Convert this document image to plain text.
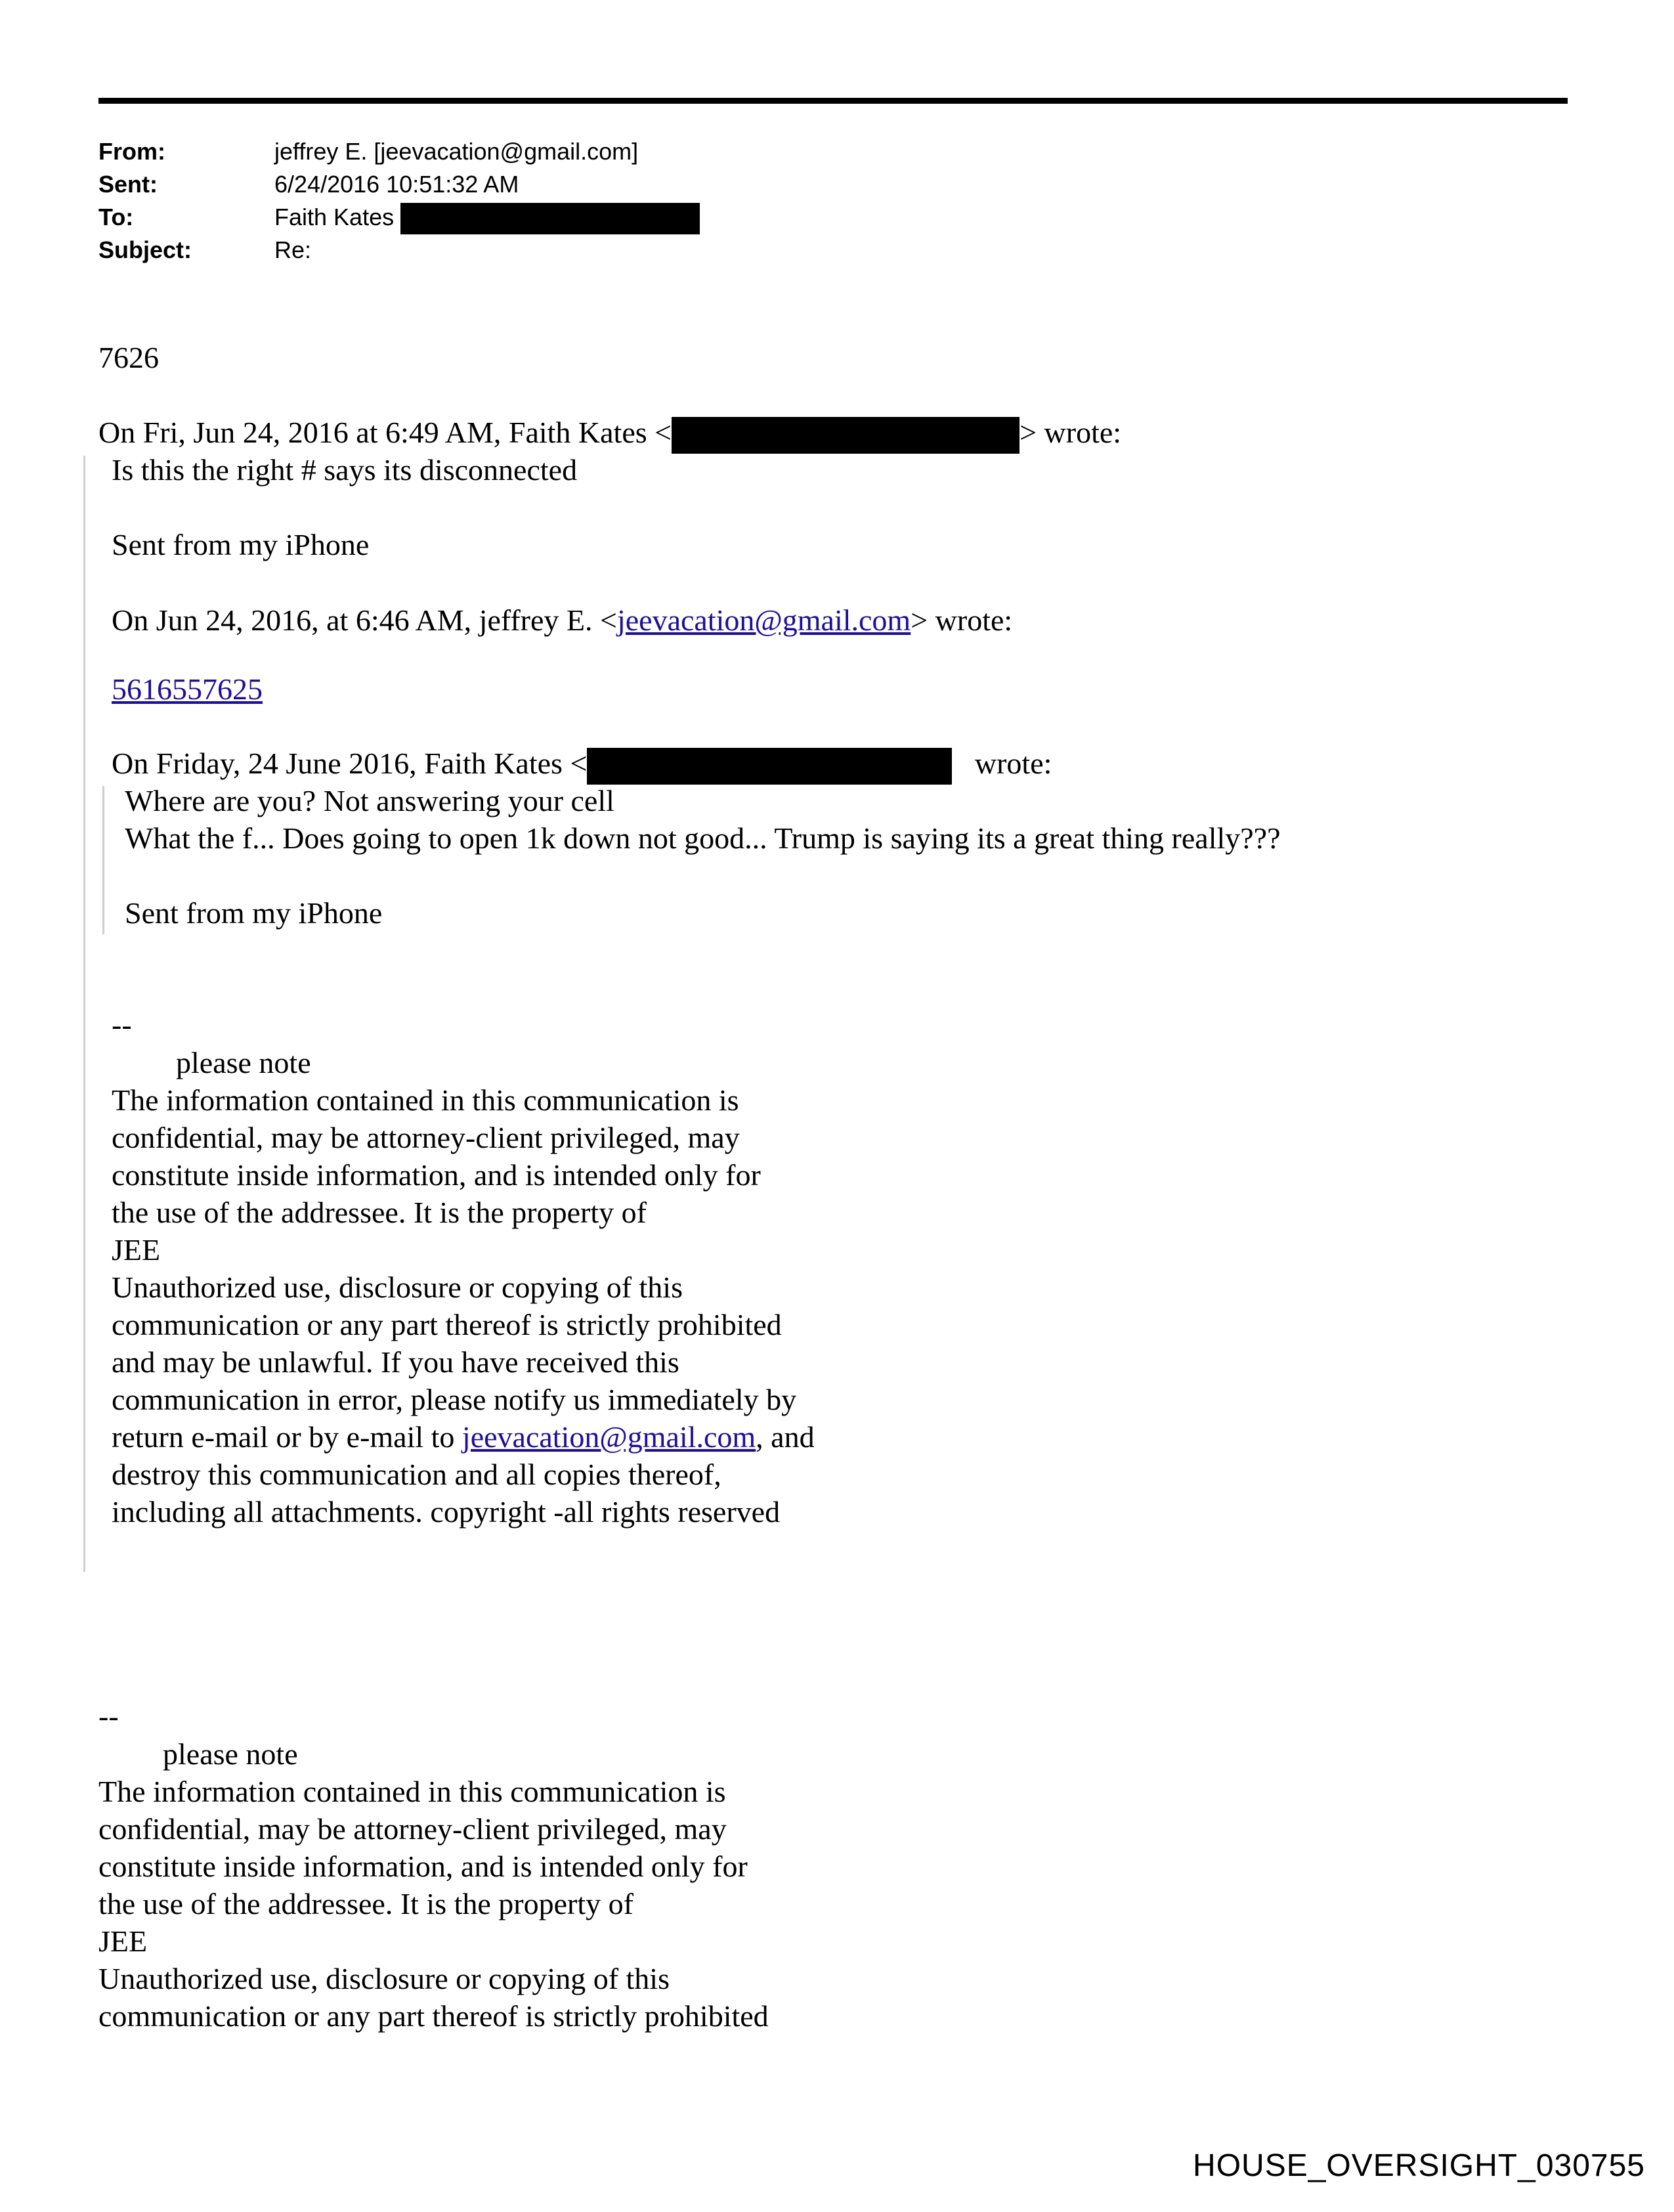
From:	jeffrey E. [jeevacation@gmail.com]
Sent:	6/24/2016 10:51:32 AM
To:	Faith Kates
Subject:	Re:
7626
On Fri, Jun 24, 2016 at 6:49 AM, Faith Kates <	> wrote:
Is this the right # says its disconnected
Sent from my iPhone
On Jun 24, 2016, at 6:46 AM, jeffrey E. <jeevacation@gmail.com> wrote:
5616557625
On Friday, 24 June 2016, Faith Kates <	wrote:
Where are you? Not answering your cell
What the f... Does going to open 1k down not good... Trump is saying its a great thing really???
Sent from my iPhone
--
please note
The information contained in this communication is
confidential, may be attorney-client privileged, may
constitute inside information, and is intended only for
the use of the addressee. It is the property of
JEE
Unauthorized use, disclosure or copying of this
communication or any part thereof is strictly prohibited
and may be unlawful. If you have received this
communication in error, please notify us immediately by
return e-mail or by e-mail to jeevacation@gmail.com, and
destroy this communication and all copies thereof,
including all attachments. copyright -all rights reserved
--
please note
The information contained in this communication is
confidential, may be attorney-client privileged, may
constitute inside information, and is intended only for
the use of the addressee. It is the property of
JEE
Unauthorized use, disclosure or copying of this
communication or any part thereof is strictly prohibited
HOUSE_OVERSIGHT_030755
